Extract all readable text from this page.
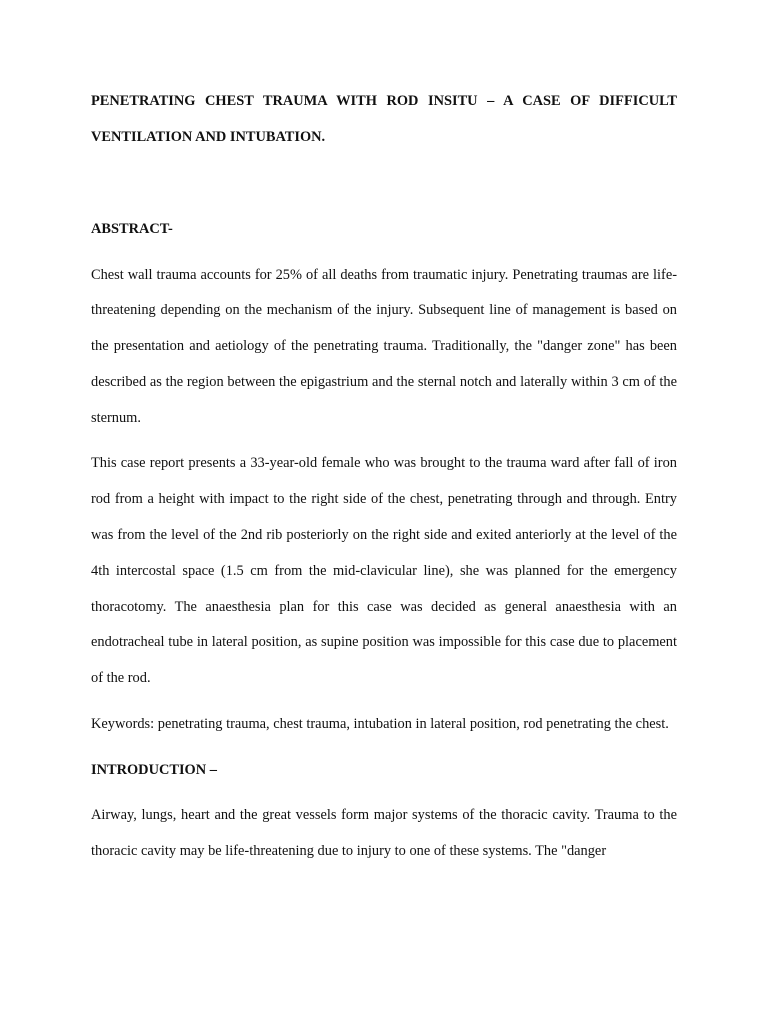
PENETRATING CHEST TRAUMA WITH ROD INSITU – A CASE OF DIFFICULT VENTILATION AND INTUBATION.

ABSTRACT-

Chest wall trauma accounts for 25% of all deaths from traumatic injury. Penetrating traumas are life-threatening depending on the mechanism of the injury. Subsequent line of management is based on the presentation and aetiology of the penetrating trauma. Traditionally, the "danger zone" has been described as the region between the epigastrium and the sternal notch and laterally within 3 cm of the sternum.

This case report presents a 33-year-old female who was brought to the trauma ward after fall of iron rod from a height with impact to the right side of the chest, penetrating through and through. Entry was from the level of the 2nd rib posteriorly on the right side and exited anteriorly at the level of the 4th intercostal space (1.5 cm from the mid-clavicular line), she was planned for the emergency thoracotomy. The anaesthesia plan for this case was decided as general anaesthesia with an endotracheal tube in lateral position, as supine position was impossible for this case due to placement of the rod.

Keywords: penetrating trauma, chest trauma, intubation in lateral position, rod penetrating the chest.

INTRODUCTION –

Airway, lungs, heart and the great vessels form major systems of the thoracic cavity. Trauma to the thoracic cavity may be life-threatening due to injury to one of these systems. The "danger
